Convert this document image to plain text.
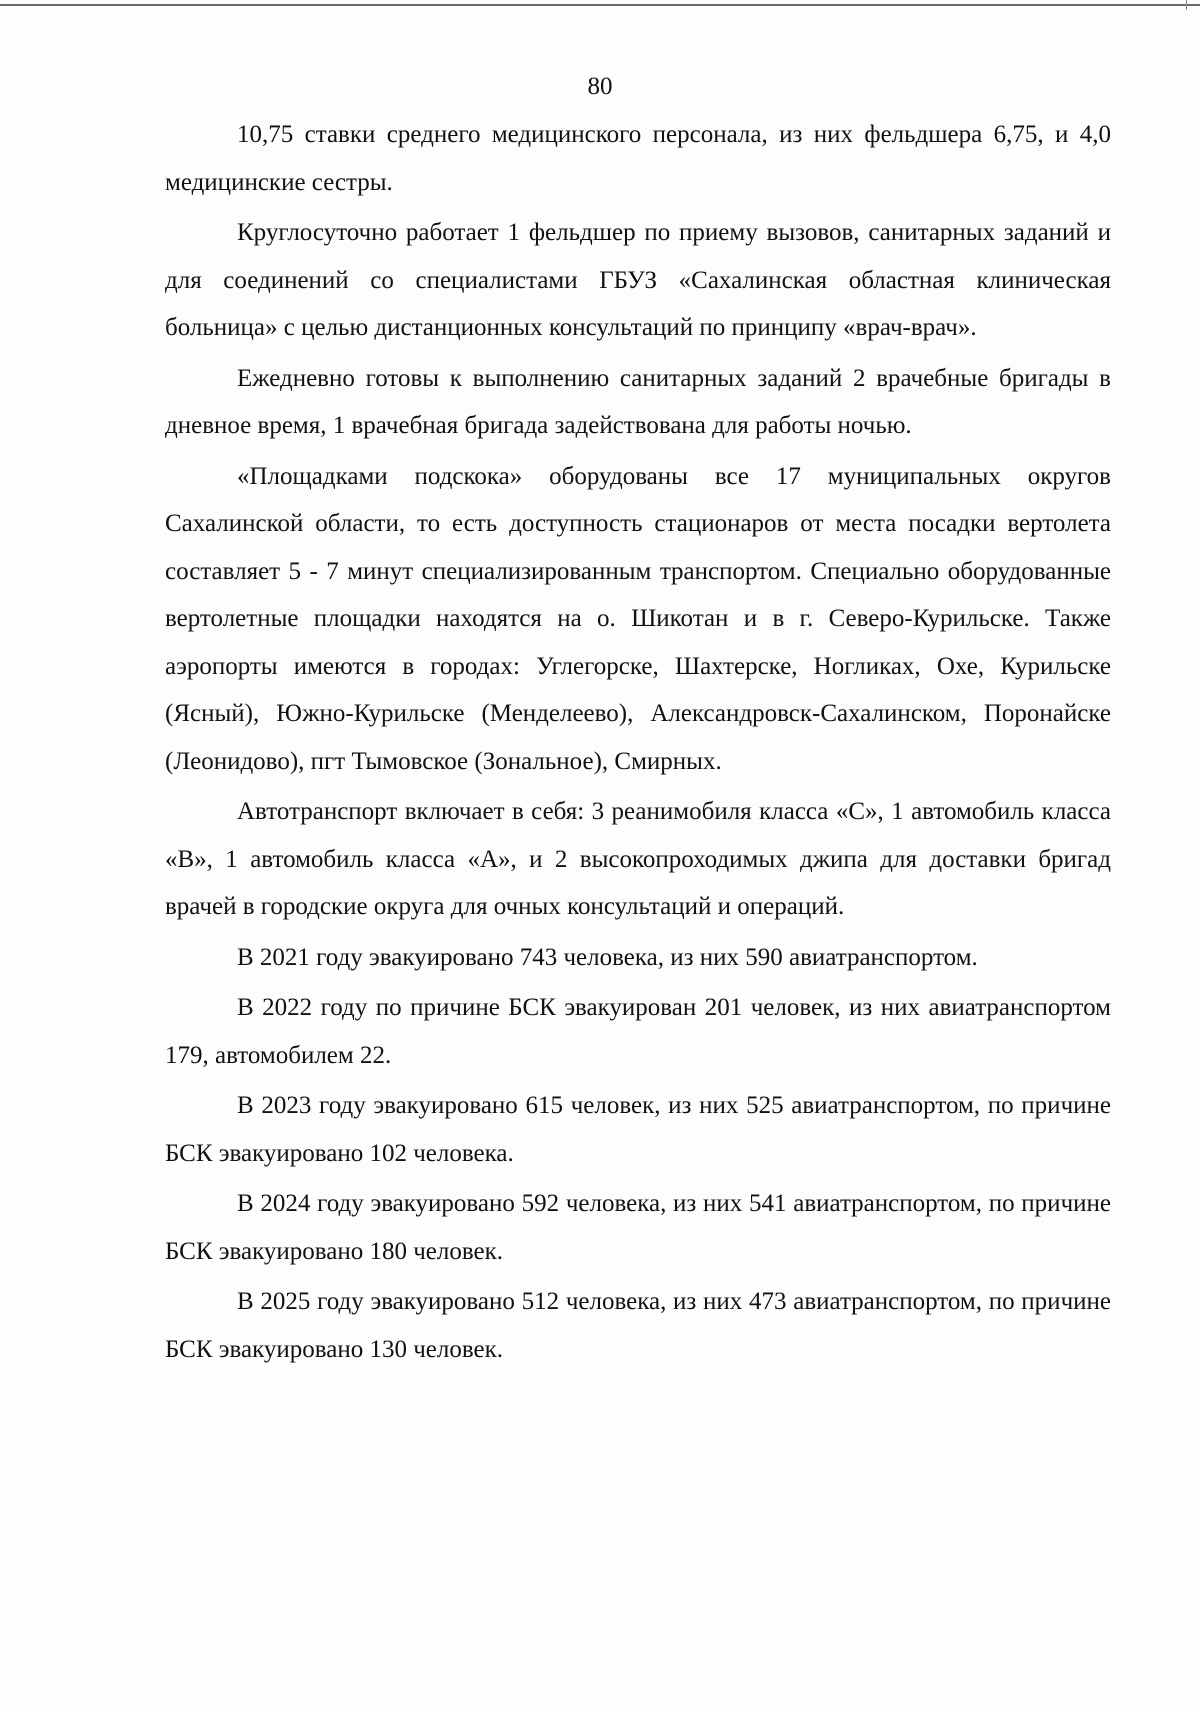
80

10,75 ставки среднего медицинского персонала, из них фельдшера 6,75, и 4,0 медицинские сестры.

Круглосуточно работает 1 фельдшер по приему вызовов, санитарных заданий и для соединений со специалистами ГБУЗ «Сахалинская областная клиническая больница» с целью дистанционных консультаций по принципу «врач-врач».

Ежедневно готовы к выполнению санитарных заданий 2 врачебные бригады в дневное время, 1 врачебная бригада задействована для работы ночью.

«Площадками подскока» оборудованы все 17 муниципальных округов Сахалинской области, то есть доступность стационаров от места посадки вертолета составляет 5 - 7 минут специализированным транспортом. Специально оборудованные вертолетные площадки находятся на о. Шикотан и в г. Северо-Курильске. Также аэропорты имеются в городах: Углегорске, Шахтерске, Ногликах, Охе, Курильске (Ясный), Южно-Курильске (Менделеево), Александровск-Сахалинском, Поронайске (Леонидово), пгт Тымовское (Зональное), Смирных.

Автотранспорт включает в себя: 3 реанимобиля класса «С», 1 автомобиль класса «В», 1 автомобиль класса «А», и 2 высокопроходимых джипа для доставки бригад врачей в городские округа для очных консультаций и операций.

В 2021 году эвакуировано 743 человека, из них 590 авиатранспортом.

В 2022 году по причине БСК эвакуирован 201 человек, из них авиатранспортом 179, автомобилем 22.

В 2023 году эвакуировано 615 человек, из них 525 авиатранспортом, по причине БСК эвакуировано 102 человека.

В 2024 году эвакуировано 592 человека, из них 541 авиатранспортом, по причине БСК эвакуировано 180 человек.

В 2025 году эвакуировано 512 человека, из них 473 авиатранспортом, по причине БСК эвакуировано 130 человек.
